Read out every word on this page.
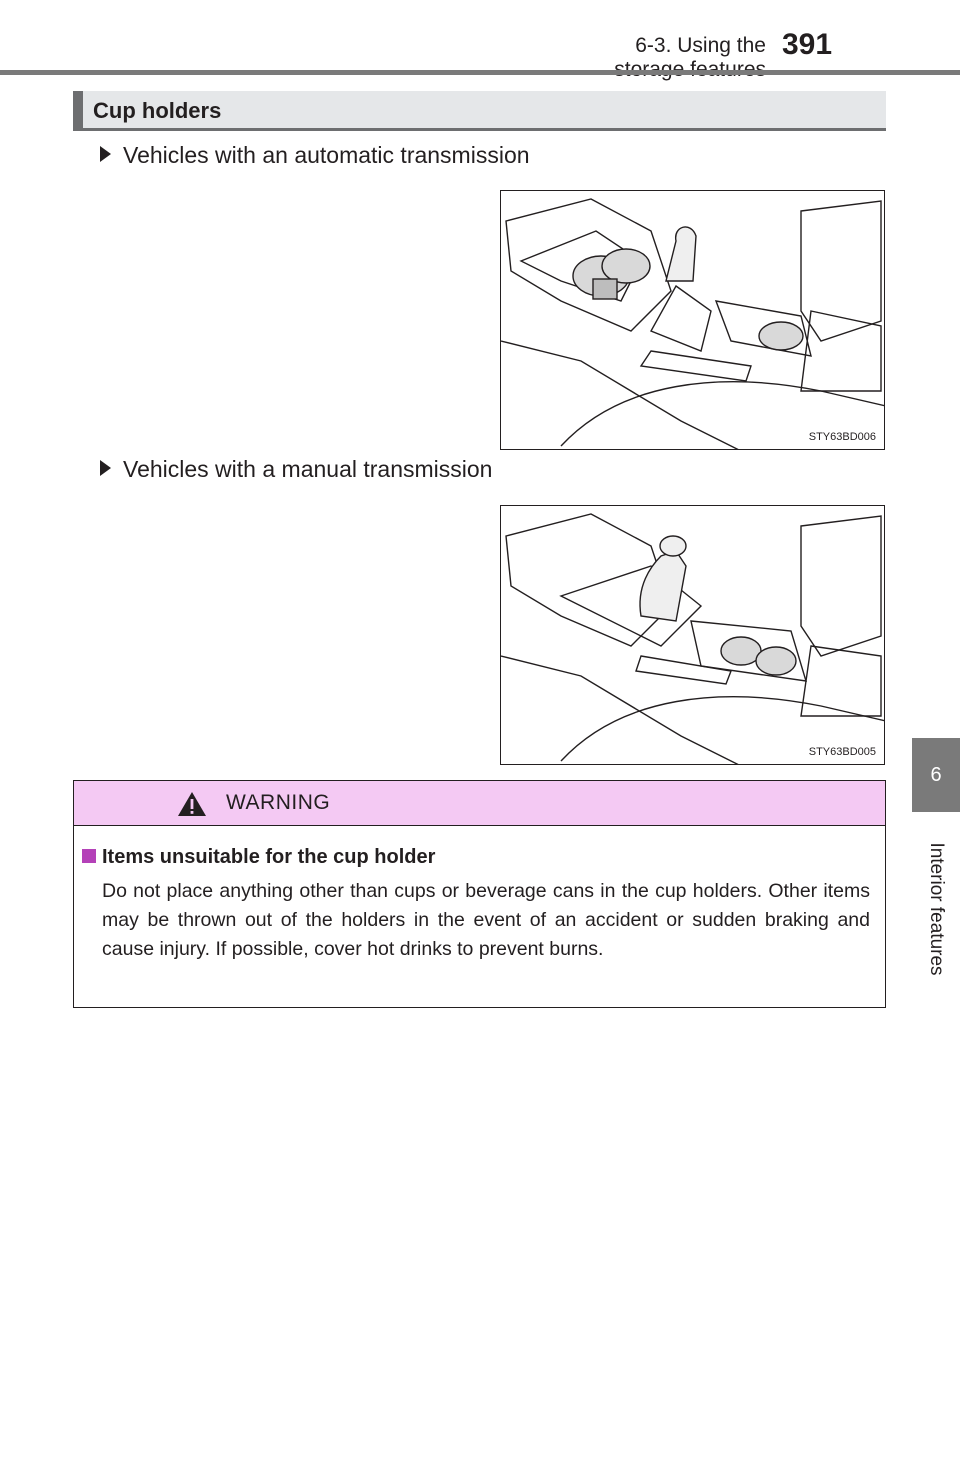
6-3. Using the 391
6
Interior features
Cup holders
Vehicles with an automatic transmission
STY63BD006
Vehicles with a manual transmission
STY63BD005
WARNING
Items unsuitable for the cup holder
Do not place anything other than cups or beverage cans in the cup holders. Other items may be thrown out of the holders in the event of an accident or sudden braking and cause injury. If possible, cover hot drinks to prevent burns.
